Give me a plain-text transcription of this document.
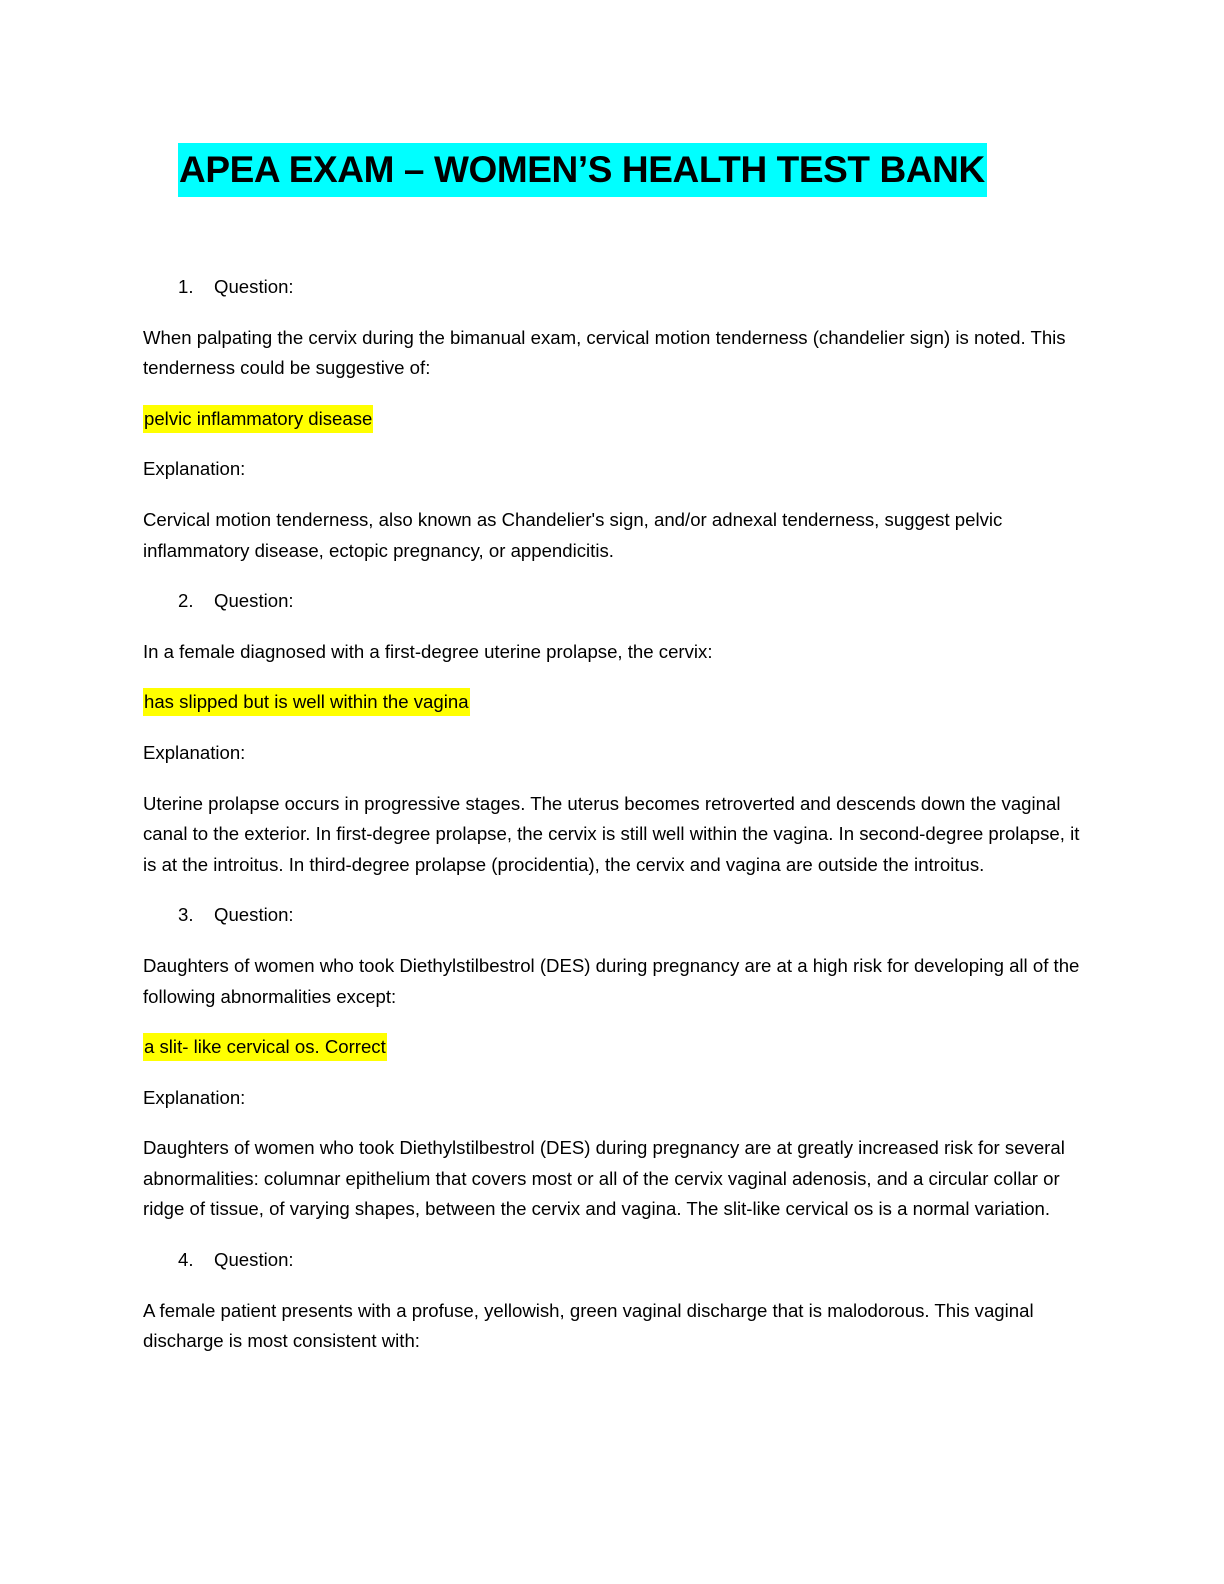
APEA EXAM – WOMEN’S HEALTH TEST BANK
1.	Question:

When palpating the cervix during the bimanual exam, cervical motion tenderness (chandelier sign) is noted. This tenderness could be suggestive of:

pelvic inflammatory disease

Explanation:

Cervical motion tenderness, also known as Chandelier's sign, and/or adnexal tenderness, suggest pelvic inflammatory disease, ectopic pregnancy, or appendicitis.

2.	Question:

In a female diagnosed with a first-degree uterine prolapse, the cervix:

has slipped but is well within the vagina

Explanation:

Uterine prolapse occurs in progressive stages. The uterus becomes retroverted and descends down the vaginal canal to the exterior. In first-degree prolapse, the cervix is still well within the vagina. In second-degree prolapse, it is at the introitus. In third-degree prolapse (procidentia), the cervix and vagina are outside the introitus.

3.	Question:

Daughters of women who took Diethylstilbestrol (DES) during pregnancy are at a high risk for developing all of the following abnormalities except:

a slit- like cervical os. Correct

Explanation:

Daughters of women who took Diethylstilbestrol (DES) during pregnancy are at greatly increased risk for several abnormalities: columnar epithelium that covers most or all of the cervix vaginal adenosis, and a circular collar or ridge of tissue, of varying shapes, between the cervix and vagina. The slit-like cervical os is a normal variation.

4.	Question:

A female patient presents with a profuse, yellowish, green vaginal discharge that is malodorous. This vaginal discharge is most consistent with:
